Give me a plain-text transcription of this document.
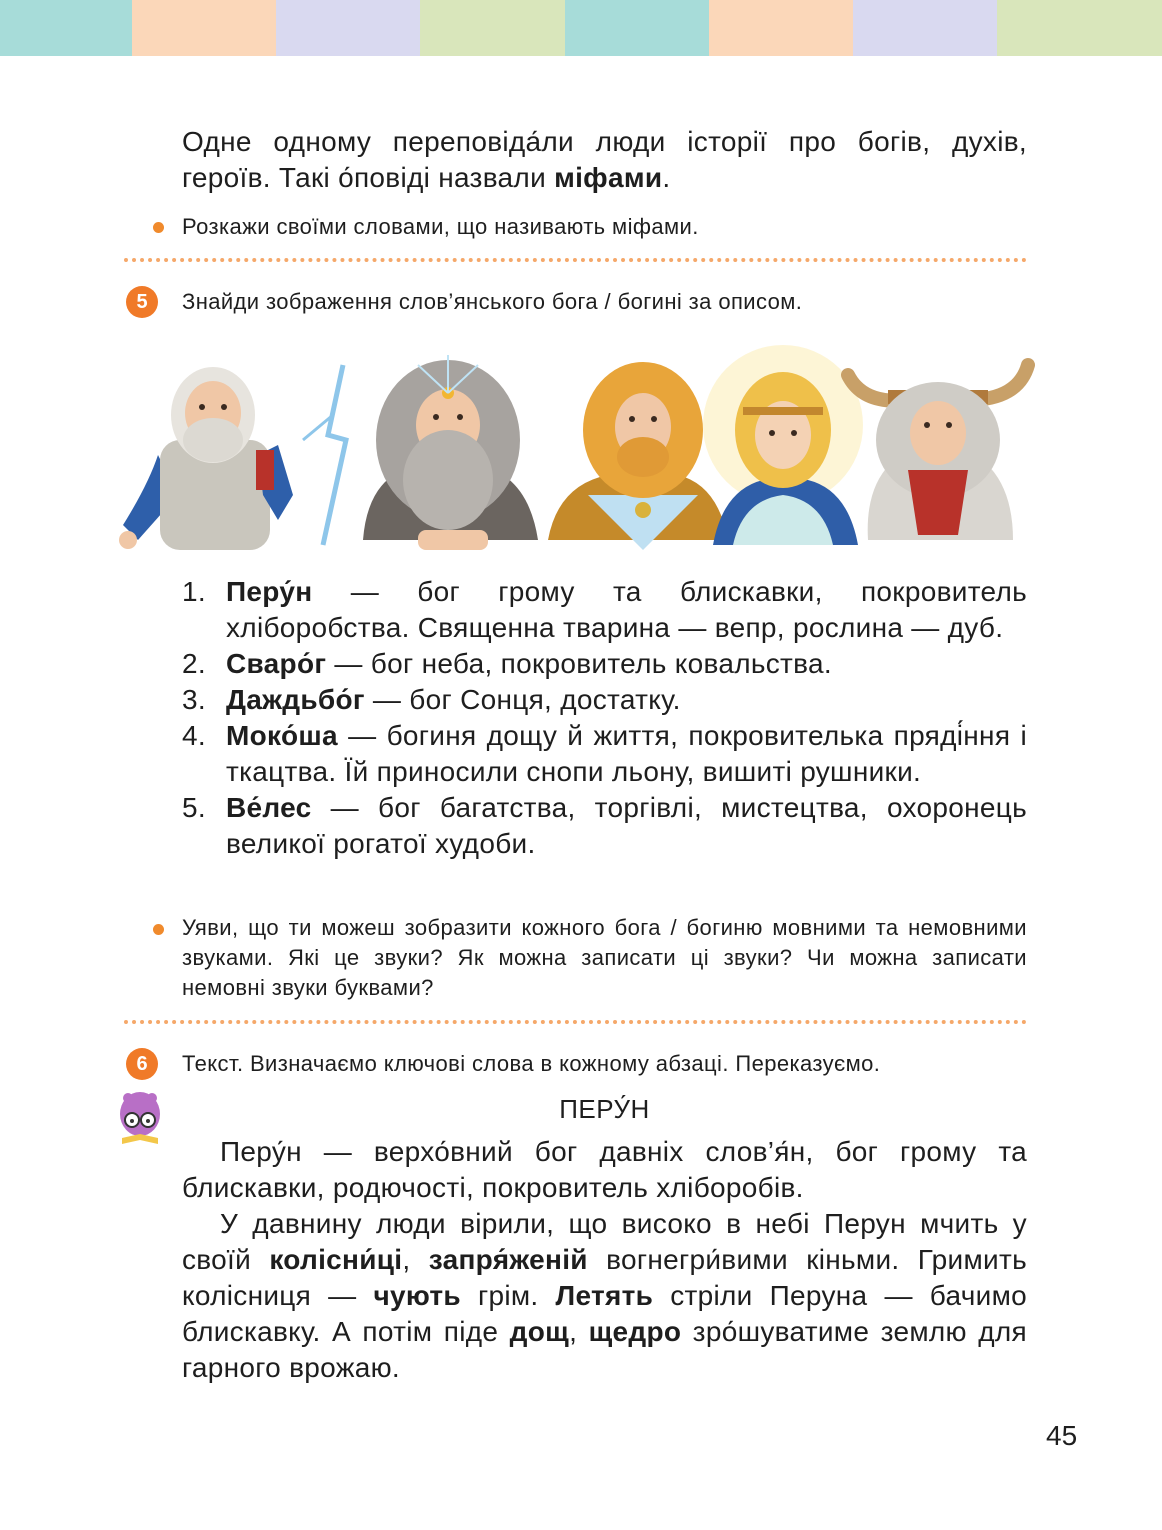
Одне одному переповіда́ли люди історії про богів, духів, героїв. Такі о́повіді назвали міфами.
Розкажи своїми словами, що називають міфами.
5	Знайди зображення слов’янського бога / богині за описом.
1. Перу́н — бог грому та блискавки, покровитель хліборобства. Священна тварина — вепр, рослина — дуб.
2. Сваро́г — бог неба, покровитель ковальства.
3. Даждьбо́г — бог Сонця, достатку.
4. Моко́ша — богиня дощу й життя, покровителька пряді́ння і ткацтва. Їй приносили снопи льону, вишиті рушники.
5. Ве́лес — бог багатства, торгівлі, мистецтва, охоронець великої рогатої худоби.
Уяви, що ти можеш зобразити кожного бога / богиню мовними та немовними звуками. Які це звуки? Як можна записати ці звуки? Чи можна записати немовні звуки буквами?
6	Текст. Визначаємо ключові слова в кожному абзаці. Переказуємо.
ПЕРУ́Н
Перу́н — верхо́вний бог давніх слов’я́н, бог грому та блискавки, родючості, покровитель хліборобів.
У давнину люди вірили, що високо в небі Перун мчить у своїй колісни́ці, запря́женій вогнегри́вими кіньми. Гримить колісниця — чують грім. Летять стріли Перуна — бачимо блискавку. А потім піде дощ, щедро зро́шуватиме землю для гарного врожаю.
45
